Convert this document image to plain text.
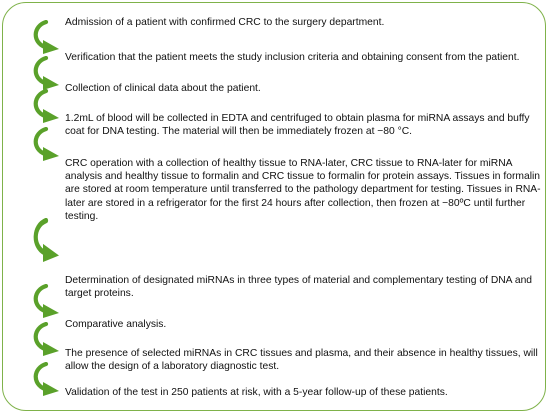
Admission of a patient with confirmed CRC to the surgery department.
Verification that the patient meets the study inclusion criteria and obtaining consent from the patient.
Collection of clinical data about the patient.
1.2mL of blood will be collected in EDTA and centrifuged to obtain plasma for miRNA assays and buffy coat for DNA testing. The material will then be immediately frozen at −80 °C.
CRC operation with a collection of healthy tissue to RNA-later, CRC tissue to RNA-later for miRNA analysis and healthy tissue to formalin and CRC tissue to formalin for protein assays. Tissues in formalin are stored at room temperature until transferred to the pathology department for testing. Tissues in RNA-later are stored in a refrigerator for the first 24 hours after collection, then frozen at −80ºC until further testing.
Determination of designated miRNAs in three types of material and complementary testing of DNA and target proteins.
Comparative analysis.
The presence of selected miRNAs in CRC tissues and plasma, and their absence in healthy tissues, will allow the design of a laboratory diagnostic test.
Validation of the test in 250 patients at risk, with a 5-year follow-up of these patients.
